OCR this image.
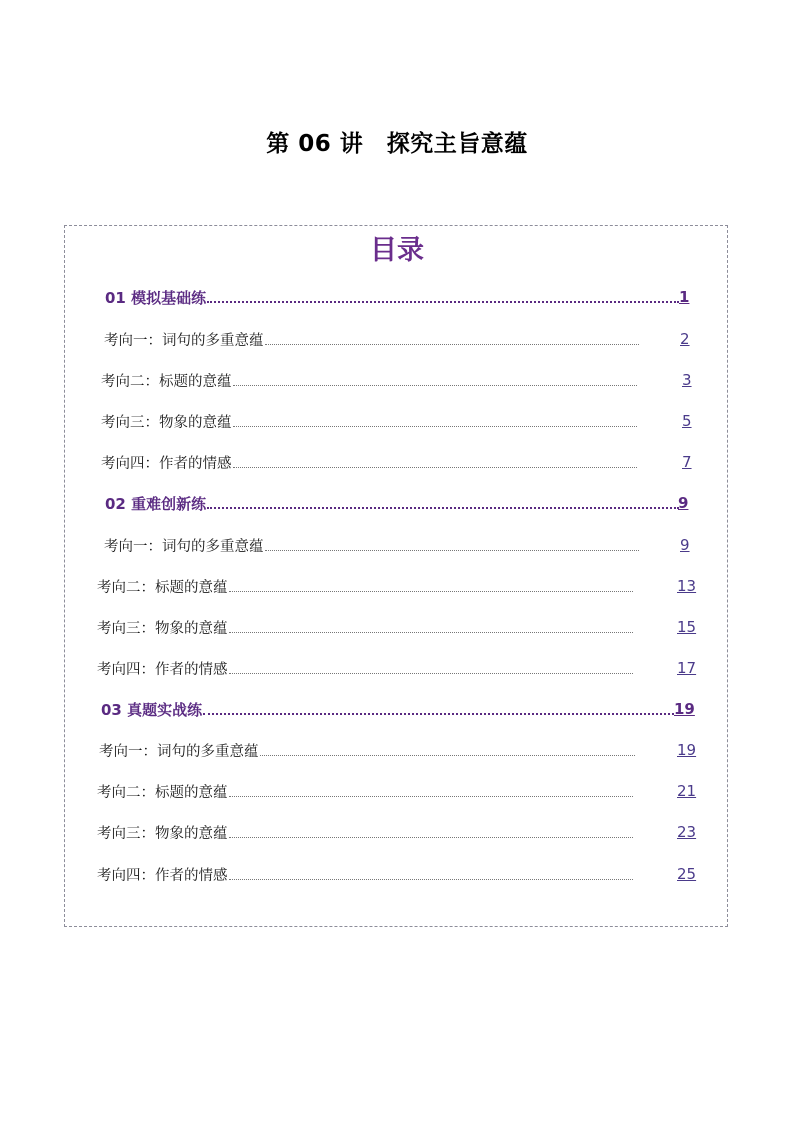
第 06 讲　探究主旨意蕴
目录
01 模拟基础练	1
考向一：词句的多重意蕴	2
考向二：标题的意蕴	3
考向三：物象的意蕴	5
考向四：作者的情感	7
02 重难创新练	9
考向一：词句的多重意蕴	9
考向二：标题的意蕴	13
考向三：物象的意蕴	15
考向四：作者的情感	17
03 真题实战练	19
考向一：词句的多重意蕴	19
考向二：标题的意蕴	21
考向三：物象的意蕴	23
考向四：作者的情感	25
